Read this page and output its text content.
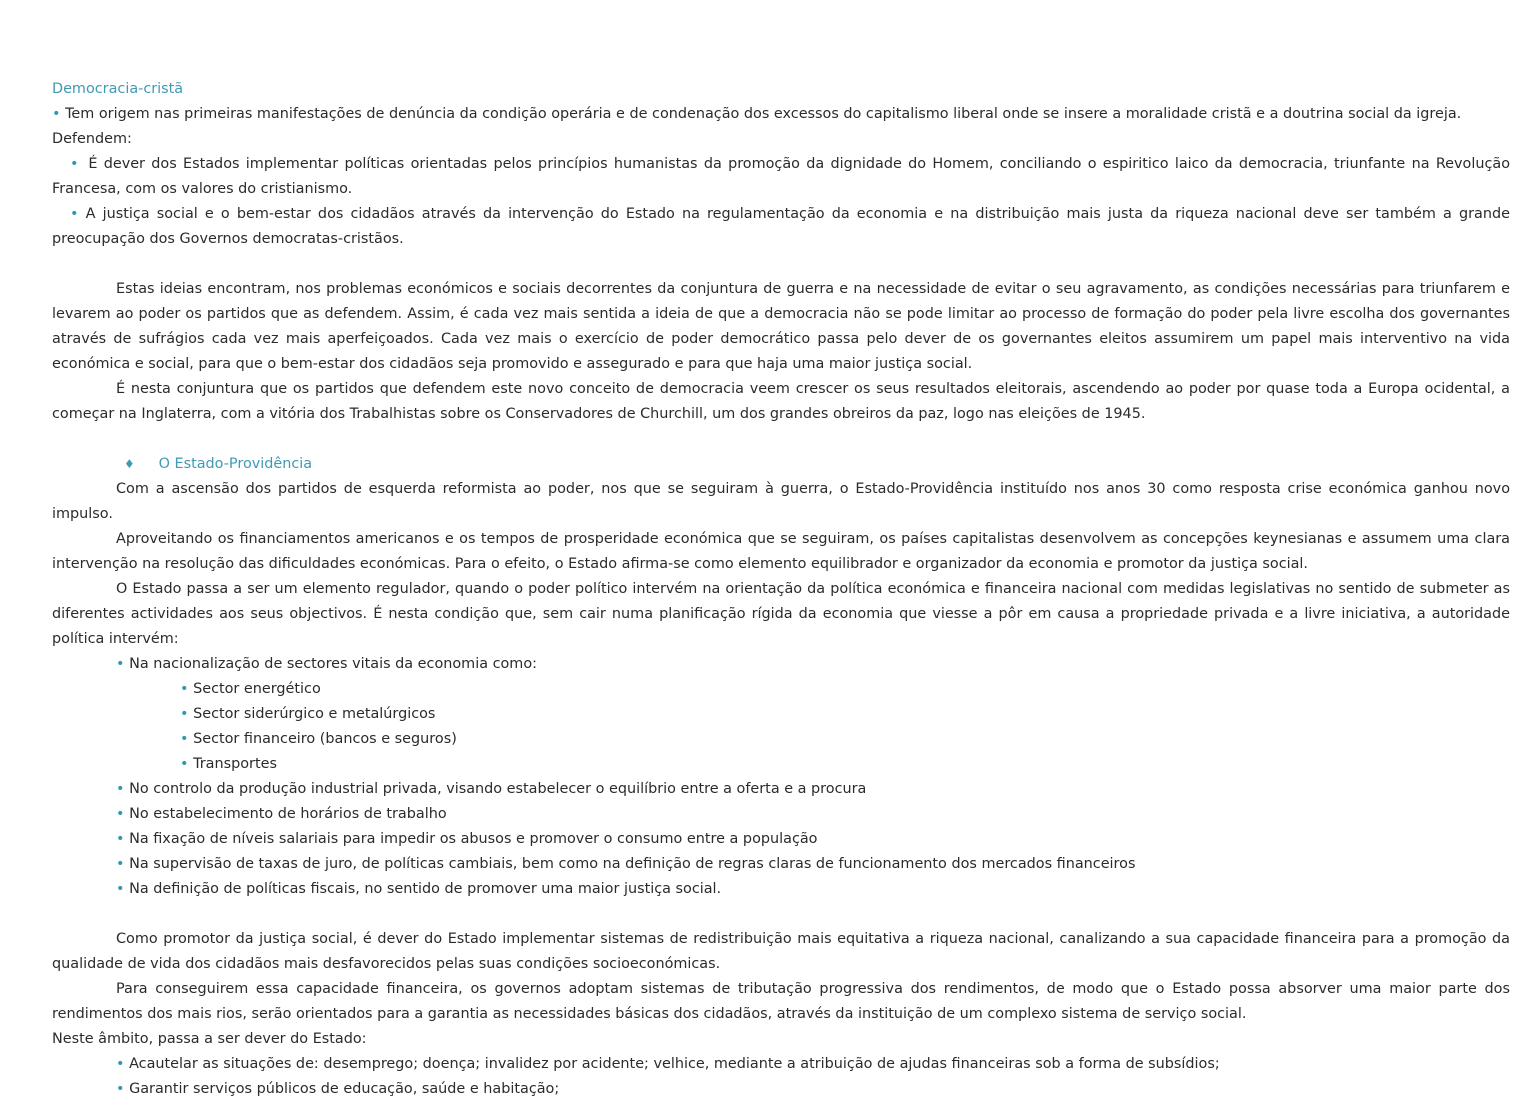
Democracia-cristã

• Tem origem nas primeiras manifestações de denúncia da condição operária e de condenação dos excessos do capitalismo liberal onde se insere a moralidade cristã e a doutrina social da igreja.

Defendem:

• É dever dos Estados implementar políticas orientadas pelos princípios humanistas da promoção da dignidade do Homem, conciliando o espiritico laico da democracia, triunfante na Revolução Francesa, com os valores do cristianismo.

• A justiça social e o bem-estar dos cidadãos através da intervenção do Estado na regulamentação da economia e na distribuição mais justa da riqueza nacional deve ser também a grande preocupação dos Governos democratas-cristãos.

Estas ideias encontram, nos problemas económicos e sociais decorrentes da conjuntura de guerra e na necessidade de evitar o seu agravamento, as condições necessárias para triunfarem e levarem ao poder os partidos que as defendem. Assim, é cada vez mais sentida a ideia de que a democracia não se pode limitar ao processo de formação do poder pela livre escolha dos governantes através de sufrágios cada vez mais aperfeiçoados. Cada vez mais o exercício de poder democrático passa pelo dever de os governantes eleitos assumirem um papel mais interventivo na vida económica e social, para que o bem-estar dos cidadãos seja promovido e assegurado e para que haja uma maior justiça social.

É nesta conjuntura que os partidos que defendem este novo conceito de democracia veem crescer os seus resultados eleitorais, ascendendo ao poder por quase toda a Europa ocidental, a começar na Inglaterra, com a vitória dos Trabalhistas sobre os Conservadores de Churchill, um dos grandes obreiros da paz, logo nas eleições de 1945.

♦ O Estado-Providência

Com a ascensão dos partidos de esquerda reformista ao poder, nos que se seguiram à guerra, o Estado-Providência instituído nos anos 30 como resposta crise económica ganhou novo impulso.

Aproveitando os financiamentos americanos e os tempos de prosperidade económica que se seguiram, os países capitalistas desenvolvem as concepções keynesianas e assumem uma clara intervenção na resolução das dificuldades económicas. Para o efeito, o Estado afirma-se como elemento equilibrador e organizador da economia e promotor da justiça social.

O Estado passa a ser um elemento regulador, quando o poder político intervém na orientação da política económica e financeira nacional com medidas legislativas no sentido de submeter as diferentes actividades aos seus objectivos. É nesta condição que, sem cair numa planificação rígida da economia que viesse a pôr em causa a propriedade privada e a livre iniciativa, a autoridade política intervém:

• Na nacionalização de sectores vitais da economia como:

• Sector energético

• Sector siderúrgico e metalúrgicos

• Sector financeiro (bancos e seguros)

• Transportes

• No controlo da produção industrial privada, visando estabelecer o equilíbrio entre a oferta e a procura

• No estabelecimento de horários de trabalho

• Na fixação de níveis salariais para impedir os abusos e promover o consumo entre a população

• Na supervisão de taxas de juro, de políticas cambiais, bem como na definição de regras claras de funcionamento dos mercados financeiros

• Na definição de políticas fiscais, no sentido de promover uma maior justiça social.

Como promotor da justiça social, é dever do Estado implementar sistemas de redistribuição mais equitativa a riqueza nacional, canalizando a sua capacidade financeira para a promoção da qualidade de vida dos cidadãos mais desfavorecidos pelas suas condições socioeconómicas.

Para conseguirem essa capacidade financeira, os governos adoptam sistemas de tributação progressiva dos rendimentos, de modo que o Estado possa absorver uma maior parte dos rendimentos dos mais rios, serão orientados para a garantia as necessidades básicas dos cidadãos, através da instituição de um complexo sistema de serviço social.

Neste âmbito, passa a ser dever do Estado:

• Acautelar as situações de: desemprego; doença; invalidez por acidente; velhice, mediante a atribuição de ajudas financeiras sob a forma de subsídios;

• Garantir serviços públicos de educação, saúde e habitação;
